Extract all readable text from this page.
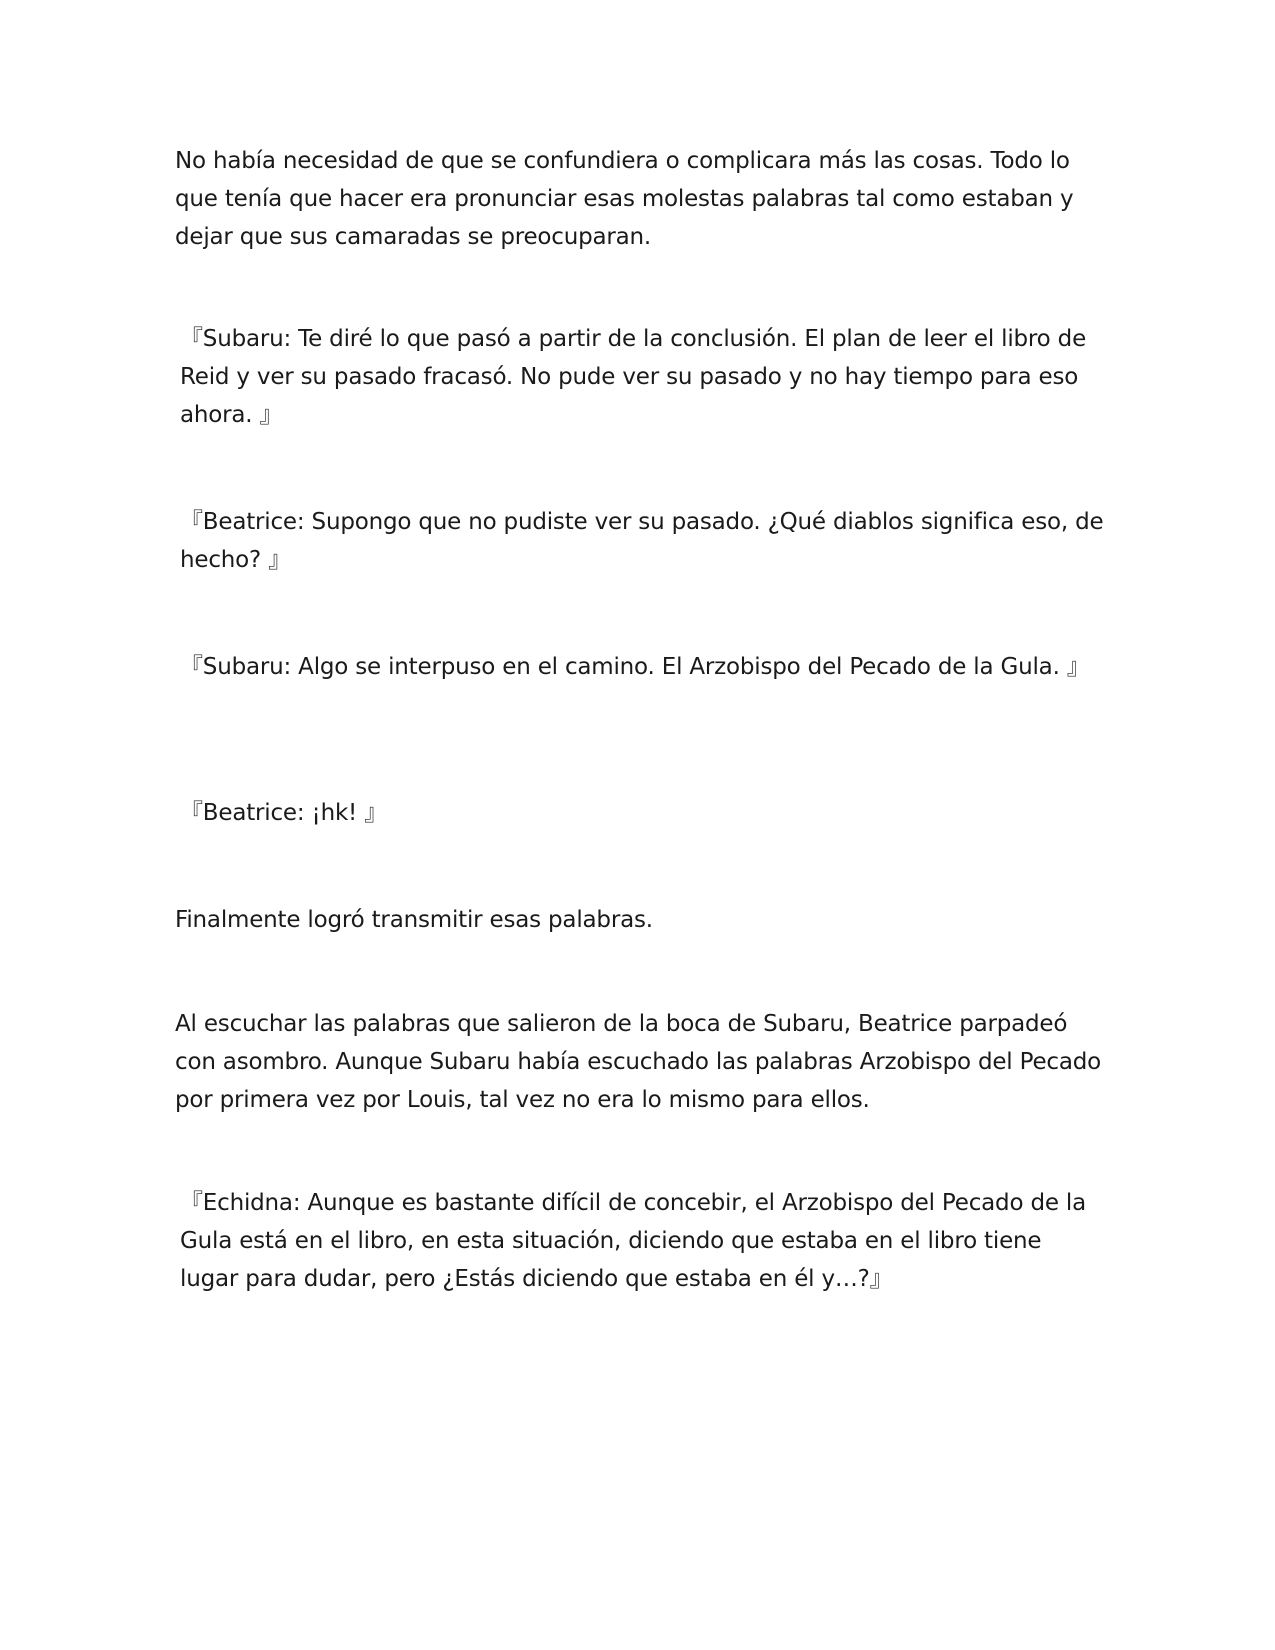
No había necesidad de que se confundiera o complicara más las cosas. Todo lo que tenía que hacer era pronunciar esas molestas palabras tal como estaban y dejar que sus camaradas se preocuparan.

『Subaru: Te diré lo que pasó a partir de la conclusión. El plan de leer el libro de Reid y ver su pasado fracasó. No pude ver su pasado y no hay tiempo para eso ahora. 』

『Beatrice: Supongo que no pudiste ver su pasado. ¿Qué diablos significa eso, de hecho? 』

『Subaru: Algo se interpuso en el camino. El Arzobispo del Pecado de la Gula. 』

『Beatrice: ¡hk! 』

Finalmente logró transmitir esas palabras.

Al escuchar las palabras que salieron de la boca de Subaru, Beatrice parpadeó con asombro. Aunque Subaru había escuchado las palabras Arzobispo del Pecado por primera vez por Louis, tal vez no era lo mismo para ellos.

『Echidna: Aunque es bastante difícil de concebir, el Arzobispo del Pecado de la Gula está en el libro, en esta situación, diciendo que estaba en el libro tiene lugar para dudar, pero ¿Estás diciendo que estaba en él y…?』
